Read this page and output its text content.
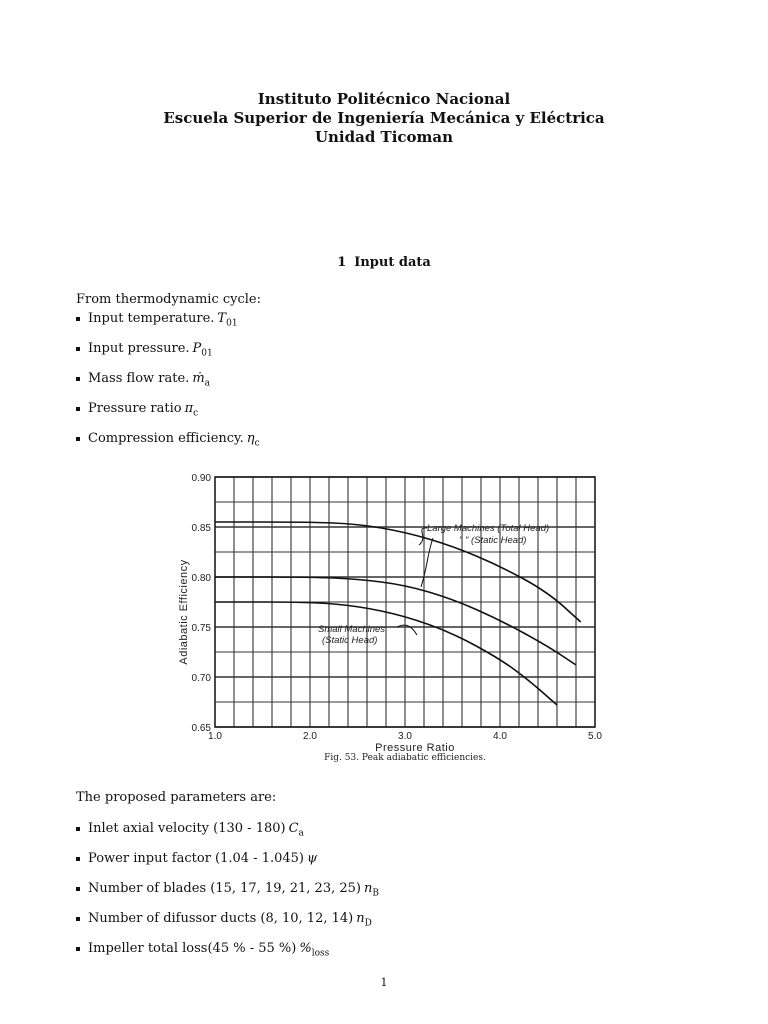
Instituto Politécnico Nacional
Escuela Superior de Ingeniería Mecánica y Eléctrica
Unidad Ticoman
1 Input data
From thermodynamic cycle:
Input temperature. $T_{01}$
Input pressure. $P_{01}$
Mass flow rate. ṁ$_a$
Pressure ratio $\pi_c$
Compression efficiency. $\eta_c$
0.65
0.70
0.75
0.80
0.85
0.90
1.0	2.0	3.0	4.0	5.0
Pressure Ratio
Adiabatic Efficiency
Large Machines (Total Head)
" " (Static Head)
Small Machines
(Static Head)
Fig. 53. Peak adiabatic efficiencies.
The proposed parameters are:
Inlet axial velocity (130 - 180) $C_a$
Power input factor (1.04 - 1.045) ψ
Number of blades (15, 17, 19, 21, 23, 25) $n_B$
Number of difussor ducts (8, 10, 12, 14) $n_D$
Impeller total loss(45 % - 55 %) $\%_{loss}$
1
